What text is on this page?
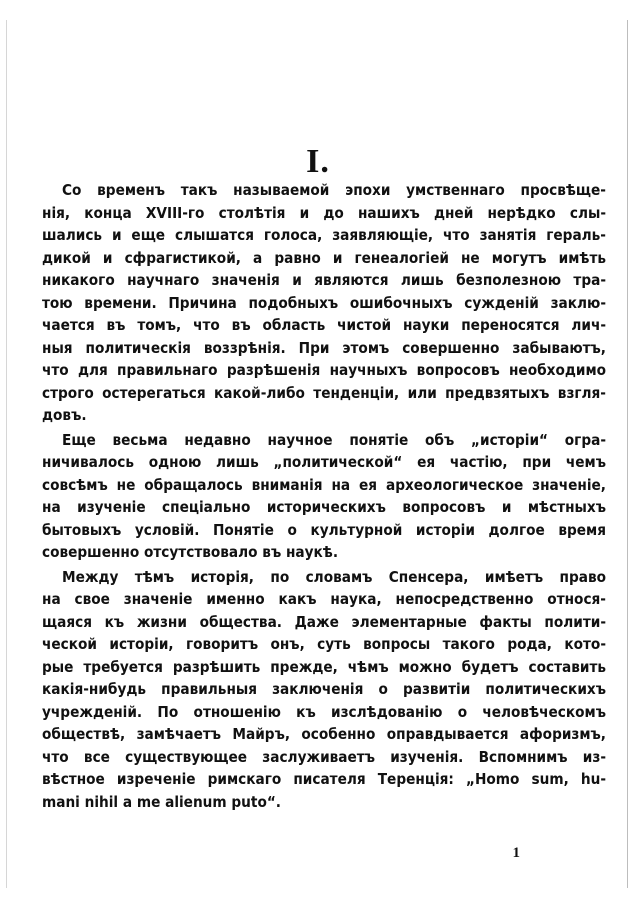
I.
Со временъ такъ называемой эпохи умственнаго просвѣще-
нія, конца XVIII-го столѣтія и до нашихъ дней нерѣдко слы-
шались и еще слышатся голоса, заявляющіе, что занятія гераль-
дикой и сфрагистикой, а равно и генеалогіей не могутъ имѣть
никакого научнаго значенія и являются лишь безполезною тра-
тою времени. Причина подобныхъ ошибочныхъ сужденій заклю-
чается въ томъ, что въ область чистой науки переносятся лич-
ныя политическія воззрѣнія. При этомъ совершенно забываютъ,
что для правильнаго разрѣшенія научныхъ вопросовъ необходимо
строго остерегаться какой-либо тенденціи, или предвзятыхъ взгля-
довъ.
Еще весьма недавно научное понятіе объ „исторіи“ огра-
ничивалось одною лишь „политической“ ея частію, при чемъ
совсѣмъ не обращалось вниманія на ея археологическое значеніе,
на изученіе спеціально историческихъ вопросовъ и мѣстныхъ
бытовыхъ условій. Понятіе о культурной исторіи долгое время
совершенно отсутствовало въ наукѣ.
Между тѣмъ исторія, по словамъ Спенсера, имѣетъ право
на свое значеніе именно какъ наука, непосредственно относя-
щаяся къ жизни общества. Даже элементарные факты полити-
ческой исторіи, говоритъ онъ, суть вопросы такого рода, кото-
рые требуется разрѣшить прежде, чѣмъ можно будетъ составить
какія-нибудь правильныя заключенія о развитіи политическихъ
учрежденій. По отношенію къ изслѣдованію о человѣческомъ
обществѣ, замѣчаетъ Майръ, особенно оправдывается афоризмъ,
что все существующее заслуживаетъ изученія. Вспомнимъ из-
вѣстное изреченіе римскаго писателя Теренція: „Homo sum, hu-
mani nihil a me alienum puto“.
1
